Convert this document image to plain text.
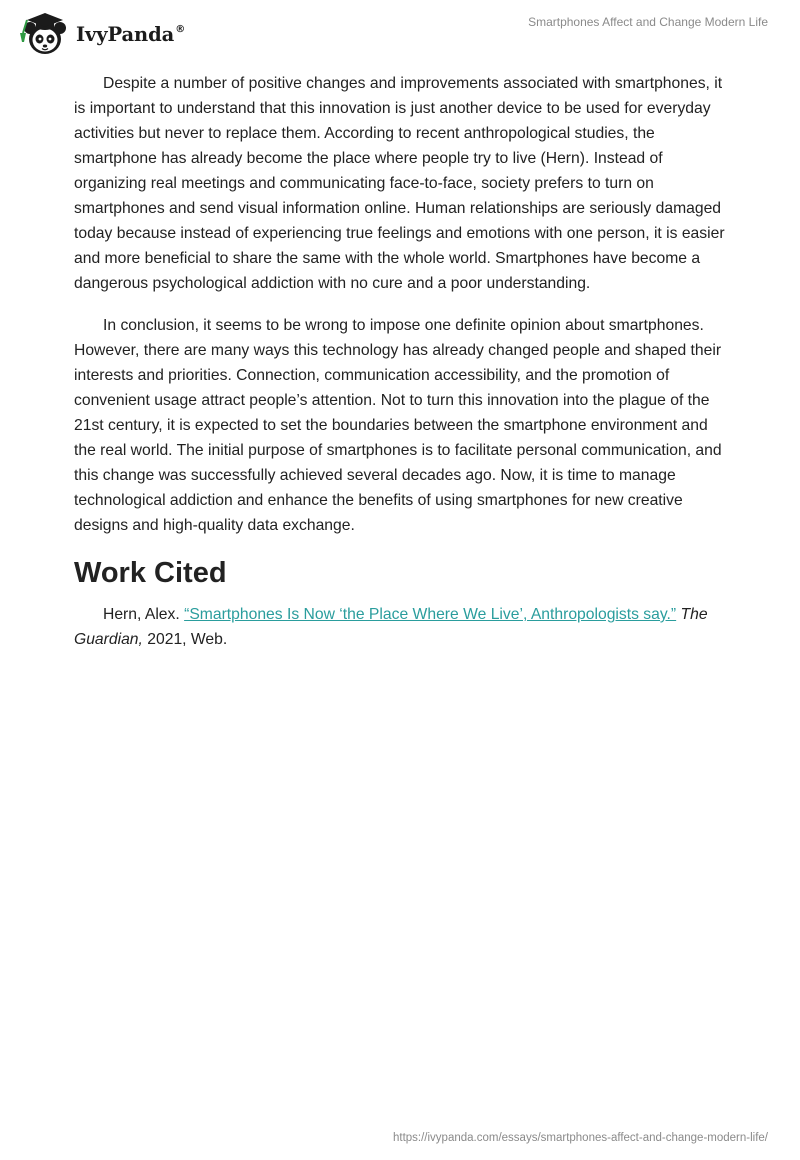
IvyPanda®	Smartphones Affect and Change Modern Life

Despite a number of positive changes and improvements associated with smartphones, it is important to understand that this innovation is just another device to be used for everyday activities but never to replace them. According to recent anthropological studies, the smartphone has already become the place where people try to live (Hern). Instead of organizing real meetings and communicating face-to-face, society prefers to turn on smartphones and send visual information online. Human relationships are seriously damaged today because instead of experiencing true feelings and emotions with one person, it is easier and more beneficial to share the same with the whole world. Smartphones have become a dangerous psychological addiction with no cure and a poor understanding.

In conclusion, it seems to be wrong to impose one definite opinion about smartphones. However, there are many ways this technology has already changed people and shaped their interests and priorities. Connection, communication accessibility, and the promotion of convenient usage attract people’s attention. Not to turn this innovation into the plague of the 21st century, it is expected to set the boundaries between the smartphone environment and the real world. The initial purpose of smartphones is to facilitate personal communication, and this change was successfully achieved several decades ago. Now, it is time to manage technological addiction and enhance the benefits of using smartphones for new creative designs and high-quality data exchange.

Work Cited

Hern, Alex. “Smartphones Is Now ‘the Place Where We Live’, Anthropologists say.” The Guardian, 2021, Web.

https://ivypanda.com/essays/smartphones-affect-and-change-modern-life/
